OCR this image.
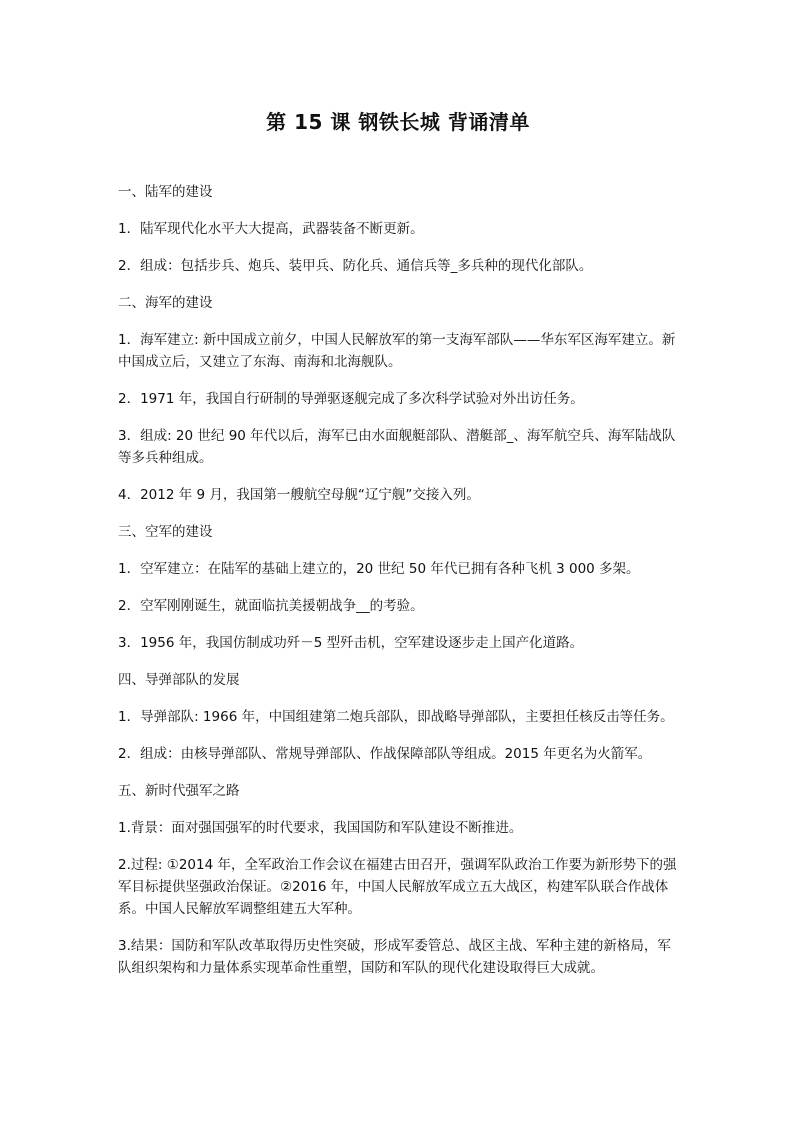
第 15 课 钢铁长城 背诵清单
一、陆军的建设
1．陆军现代化水平大大提高，武器装备不断更新。
2．组成：包括步兵、炮兵、装甲兵、防化兵、通信兵等_多兵种的现代化部队。
二、海军的建设
1．海军建立: 新中国成立前夕，中国人民解放军的第一支海军部队——华东军区海军建立。新中国成立后，又建立了东海、南海和北海舰队。
2．1971 年，我国自行研制的导弹驱逐舰完成了多次科学试验对外出访任务。
3．组成: 20 世纪 90 年代以后，海军已由水面舰艇部队、潜艇部_、海军航空兵、海军陆战队等多兵种组成。
4．2012 年 9 月，我国第一艘航空母舰“辽宁舰”交接入列。
三、空军的建设
1．空军建立：在陆军的基础上建立的，20 世纪 50 年代已拥有各种飞机 3 000 多架。
2．空军刚刚诞生，就面临抗美援朝战争__的考验。
3．1956 年，我国仿制成功歼－5 型歼击机，空军建设逐步走上国产化道路。
四、导弹部队的发展
1．导弹部队: 1966 年，中国组建第二炮兵部队，即战略导弹部队，主要担任核反击等任务。
2．组成：由核导弹部队、常规导弹部队、作战保障部队等组成。2015 年更名为火箭军。
五、新时代强军之路
1.背景：面对强国强军的时代要求，我国国防和军队建设不断推进。
2.过程: ①2014 年，全军政治工作会议在福建古田召开，强调军队政治工作要为新形势下的强军目标提供坚强政治保证。②2016 年，中国人民解放军成立五大战区，构建军队联合作战体系。中国人民解放军调整组建五大军种。
3.结果：国防和军队改革取得历史性突破，形成军委管总、战区主战、军种主建的新格局，军队组织架构和力量体系实现革命性重塑，国防和军队的现代化建设取得巨大成就。
